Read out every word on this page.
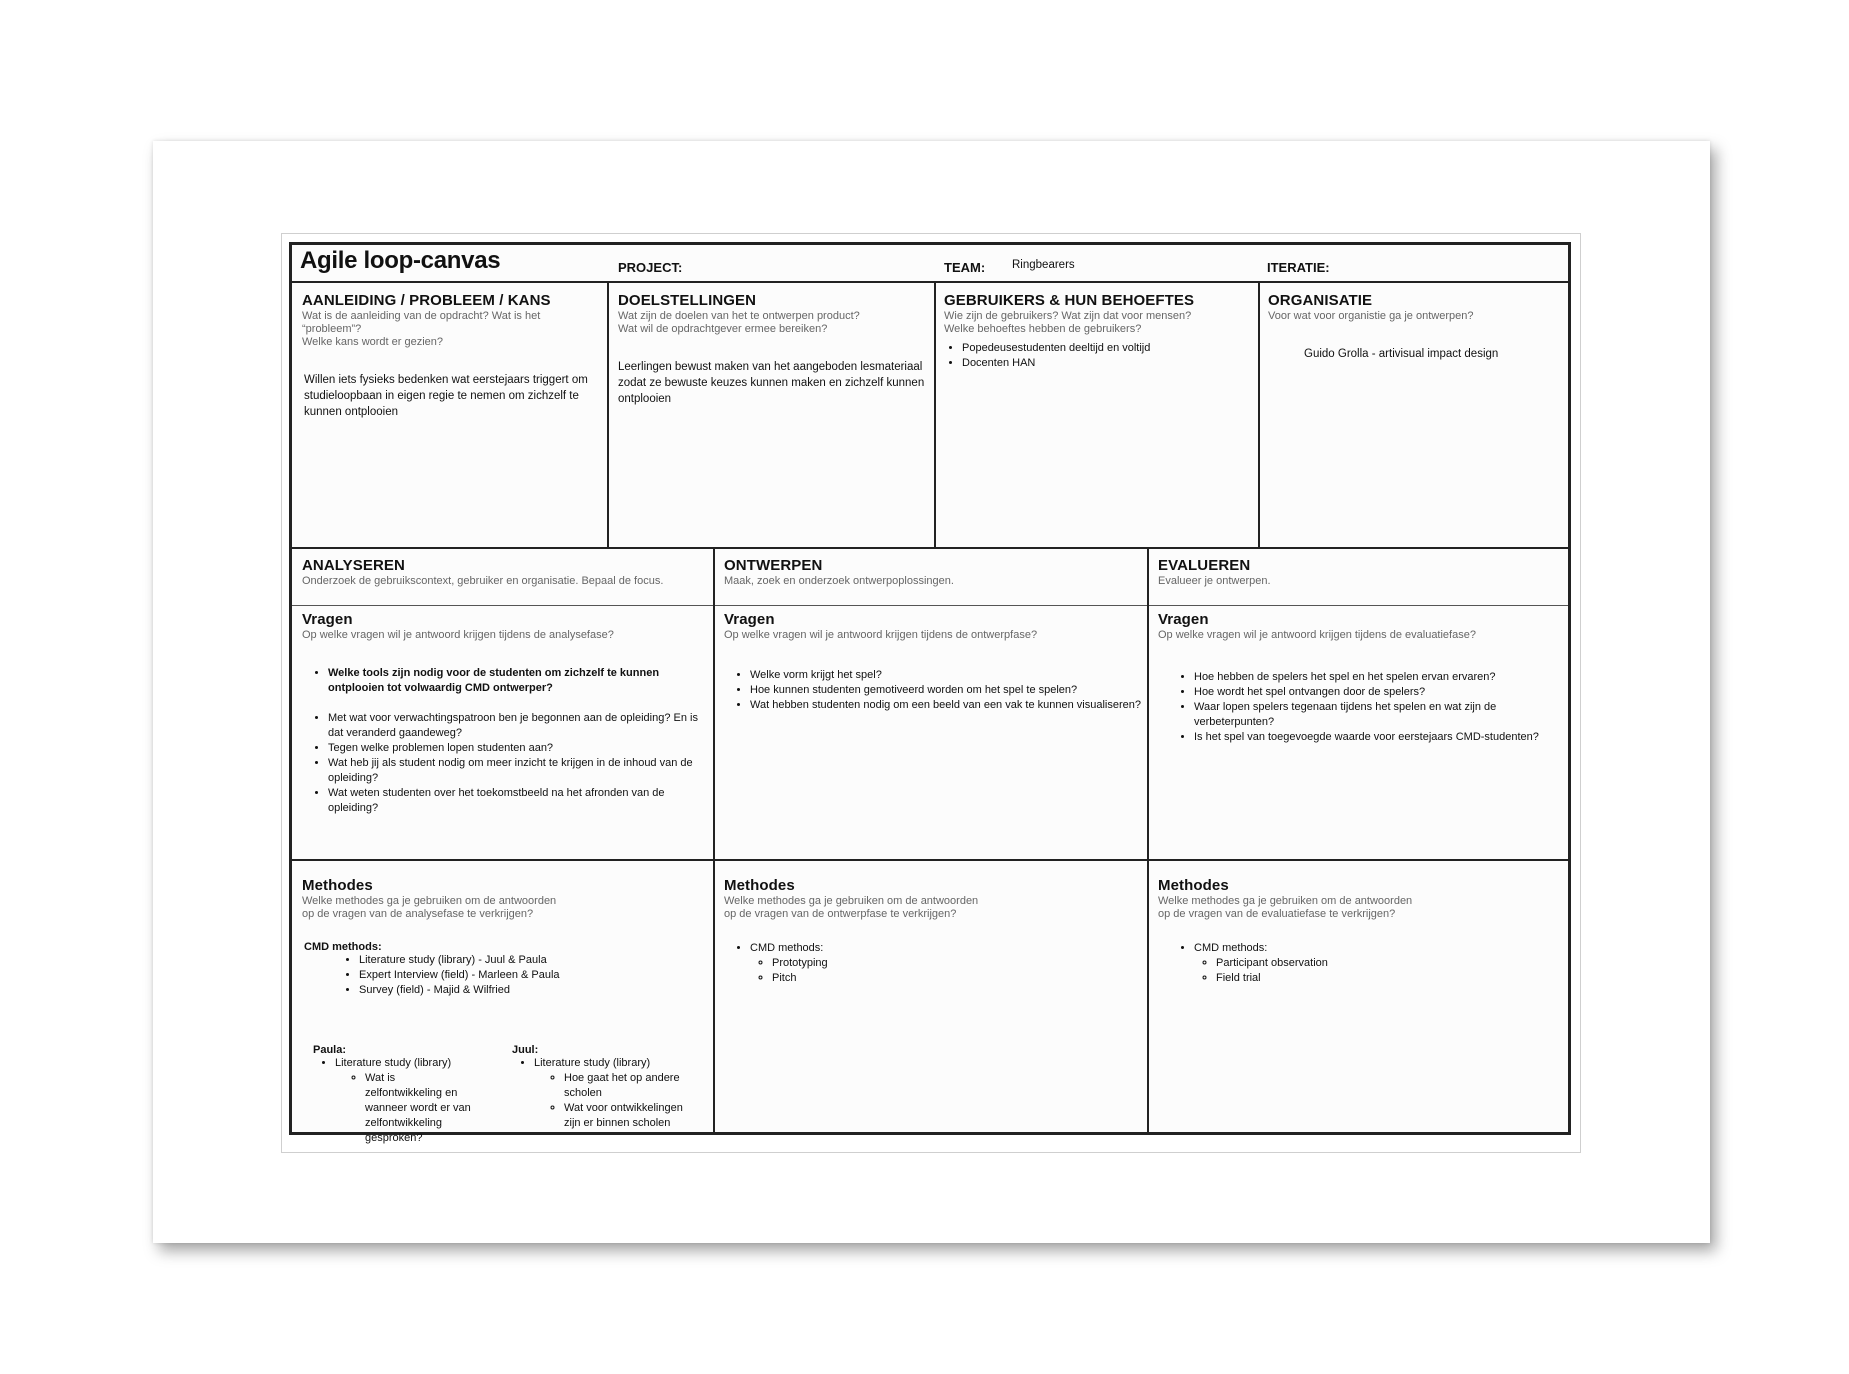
Agile loop-canvas	PROJECT:	TEAM: Ringbearers	ITERATIE:

AANLEIDING / PROBLEEM / KANS

Wat is de aanleiding van de opdracht? Wat is het “probleem”?

Welke kans wordt er gezien?

Willen iets fysieks bedenken wat eerstejaars triggert om studieloopbaan in eigen regie te nemen om zichzelf te kunnen ontplooien

DOELSTELLINGEN

Wat zijn de doelen van het te ontwerpen product?

Wat wil de opdrachtgever ermee bereiken?

Leerlingen bewust maken van het aangeboden lesmateriaal zodat ze bewuste keuzes kunnen maken en zichzelf kunnen ontplooien

GEBRUIKERS & HUN BEHOEFTES

Wie zijn de gebruikers? Wat zijn dat voor mensen?

Welke behoeftes hebben de gebruikers?

• Popedeusestudenten deeltijd en voltijd
• Docenten HAN

ORGANISATIE

Voor wat voor organistie ga je ontwerpen?

Guido Grolla - artivisual impact design

ANALYSEREN

Onderzoek de gebruikscontext, gebruiker en organisatie. Bepaal de focus.

ONTWERPEN

Maak, zoek en onderzoek ontwerpoplossingen.

EVALUEREN

Evalueer je ontwerpen.

Vragen

Op welke vragen wil je antwoord krijgen tijdens de analysefase?

• Welke tools zijn nodig voor de studenten om zichzelf te kunnen ontplooien tot volwaardig CMD ontwerper?
• Met wat voor verwachtingspatroon ben je begonnen aan de opleiding? En is dat veranderd gaandeweg?
• Tegen welke problemen lopen studenten aan?
• Wat heb jij als student nodig om meer inzicht te krijgen in de inhoud van de opleiding?
• Wat weten studenten over het toekomstbeeld na het afronden van de opleiding?

Vragen

Op welke vragen wil je antwoord krijgen tijdens de ontwerpfase?

• Welke vorm krijgt het spel?
• Hoe kunnen studenten gemotiveerd worden om het spel te spelen?
• Wat hebben studenten nodig om een beeld van een vak te kunnen visualiseren?

Vragen

Op welke vragen wil je antwoord krijgen tijdens de evaluatiefase?

• Hoe hebben de spelers het spel en het spelen ervan ervaren?
• Hoe wordt het spel ontvangen door de spelers?
• Waar lopen spelers tegenaan tijdens het spelen en wat zijn de verbeterpunten?
• Is het spel van toegevoegde waarde voor eerstejaars CMD-studenten?

Methodes

Welke methodes ga je gebruiken om de antwoorden

op de vragen van de analysefase te verkrijgen?

CMD methods:
• Literature study (library) - Juul & Paula
• Expert Interview (field) - Marleen & Paula
• Survey (field) - Majid & Wilfried
Paula:
• Literature study (library)
◦ Wat is zelfontwikkeling en wanneer wordt er van zelfontwikkeling gesproken?
Juul:
• Literature study (library)
◦ Hoe gaat het op andere scholen
◦ Wat voor ontwikkelingen zijn er binnen scholen

Methodes

Welke methodes ga je gebruiken om de antwoorden

op de vragen van de ontwerpfase te verkrijgen?

• CMD methods:
◦ Prototyping
◦ Pitch

Methodes

Welke methodes ga je gebruiken om de antwoorden

op de vragen van de evaluatiefase te verkrijgen?

• CMD methods:
◦ Participant observation
◦ Field trial
